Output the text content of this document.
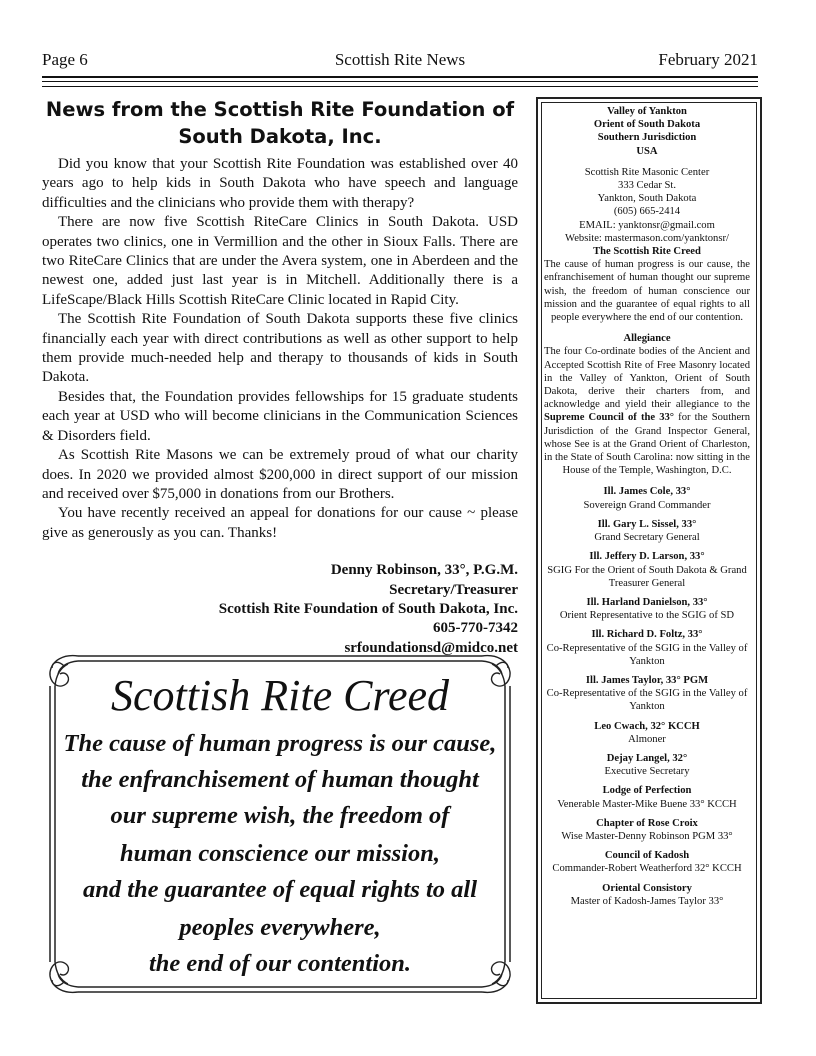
Page 6	Scottish Rite News	February 2021
News from the Scottish Rite Foundation of
South Dakota, Inc.

Did you know that your Scottish Rite Foundation was established over 40 years ago to help kids in South Dakota who have speech and language difficulties and the clinicians who provide them with therapy?

There are now five Scottish RiteCare Clinics in South Dakota. USD operates two clinics, one in Vermillion and the other in Sioux Falls. There are two RiteCare Clinics that are under the Avera system, one in Aberdeen and the newest one, added just last year is in Mitchell. Additionally there is a LifeScape/Black Hills Scottish RiteCare Clinic located in Rapid City.

The Scottish Rite Foundation of South Dakota supports these five clinics financially each year with direct contributions as well as other support to help them provide much-needed help and therapy to thousands of kids in South Dakota.

Besides that, the Foundation provides fellowships for 15 graduate students each year at USD who will become clinicians in the Communication Sciences & Disorders field.

As Scottish Rite Masons we can be extremely proud of what our charity does. In 2020 we provided almost $200,000 in direct support of our mission and received over $75,000 in donations from our Brothers.

You have recently received an appeal for donations for our cause ~ please give as generously as you can. Thanks!

Denny Robinson, 33°, P.G.M.
Secretary/Treasurer
Scottish Rite Foundation of South Dakota, Inc.
605-770-7342
srfoundationsd@midco.net
Scottish Rite Creed
The cause of human progress is our cause,
the enfranchisement of human thought
our supreme wish, the freedom of
human conscience our mission,
and the guarantee of equal rights to all
peoples everywhere,
the end of our contention.
Valley of Yankton
Orient of South Dakota
Southern Jurisdiction
USA
Scottish Rite Masonic Center
333 Cedar St.
Yankton, South Dakota
(605) 665-2414
EMAIL: yanktonsr@gmail.com
Website: mastermason.com/yanktonsr/
The Scottish Rite Creed
The cause of human progress is our cause, the enfranchisement of human thought our supreme wish, the freedom of human conscience our mission and the guarantee of equal rights to all people everywhere the end of our contention.
Allegiance
The four Co-ordinate bodies of the Ancient and Accepted Scottish Rite of Free Masonry located in the Valley of Yankton, Orient of South Dakota, derive their charters from, and acknowledge and yield their allegiance to the Supreme Council of the 33° for the Southern Jurisdiction of the Grand Inspector General, whose See is at the Grand Orient of Charleston, in the State of South Carolina: now sitting in the House of the Temple, Washington, D.C.
Ill. James Cole, 33°
Sovereign Grand Commander
Ill. Gary L. Sissel, 33°
Grand Secretary General
Ill. Jeffery D. Larson, 33°
SGIG For the Orient of South Dakota & Grand Treasurer General
Ill. Harland Danielson, 33°
Orient Representative to the SGIG of SD
Ill. Richard D. Foltz, 33°
Co-Representative of the SGIG in the Valley of Yankton
Ill. James Taylor, 33° PGM
Co-Representative of the SGIG in the Valley of Yankton
Leo Cwach, 32° KCCH
Almoner
Dejay Langel, 32°
Executive Secretary
Lodge of Perfection
Venerable Master-Mike Buene 33° KCCH
Chapter of Rose Croix
Wise Master-Denny Robinson PGM 33°
Council of Kadosh
Commander-Robert Weatherford 32° KCCH
Oriental Consistory
Master of Kadosh-James Taylor 33°
